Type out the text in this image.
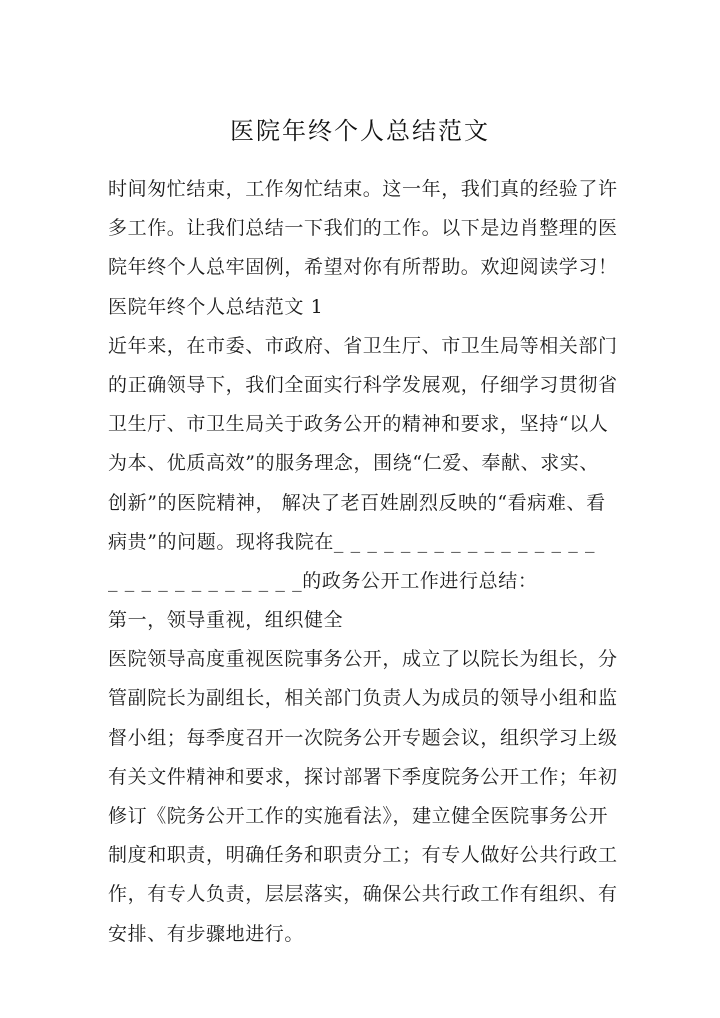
医院年终个人总结范文
时间匆忙结束，工作匆忙结束。这一年，我们真的经验了许
多工作。让我们总结一下我们的工作。以下是边肖整理的医
院年终个人总牢固例，希望对你有所帮助。欢迎阅读学习！
医院年终个人总结范文 1
近年来，在市委、市政府、省卫生厅、市卫生局等相关部门
的正确领导下，我们全面实行科学发展观，仔细学习贯彻省
卫生厅、市卫生局关于政务公开的精神和要求，坚持“以人
为本、优质高效”的服务理念，围绕“仁爱、奉献、求实、
创新”的医院精神， 解决了老百姓剧烈反映的“看病难、看
病贵”的问题。现将我院在_ _ _ _ _ _ _ _ _ _ _ _ _ _ _ _
_ _ _ _ _ _ _ _ _ _ _ _的政务公开工作进行总结：
第一，领导重视，组织健全
医院领导高度重视医院事务公开，成立了以院长为组长，分
管副院长为副组长，相关部门负责人为成员的领导小组和监
督小组；每季度召开一次院务公开专题会议，组织学习上级
有关文件精神和要求，探讨部署下季度院务公开工作；年初
修订《院务公开工作的实施看法》，建立健全医院事务公开
制度和职责，明确任务和职责分工；有专人做好公共行政工
作，有专人负责，层层落实，确保公共行政工作有组织、有
安排、有步骤地进行。
